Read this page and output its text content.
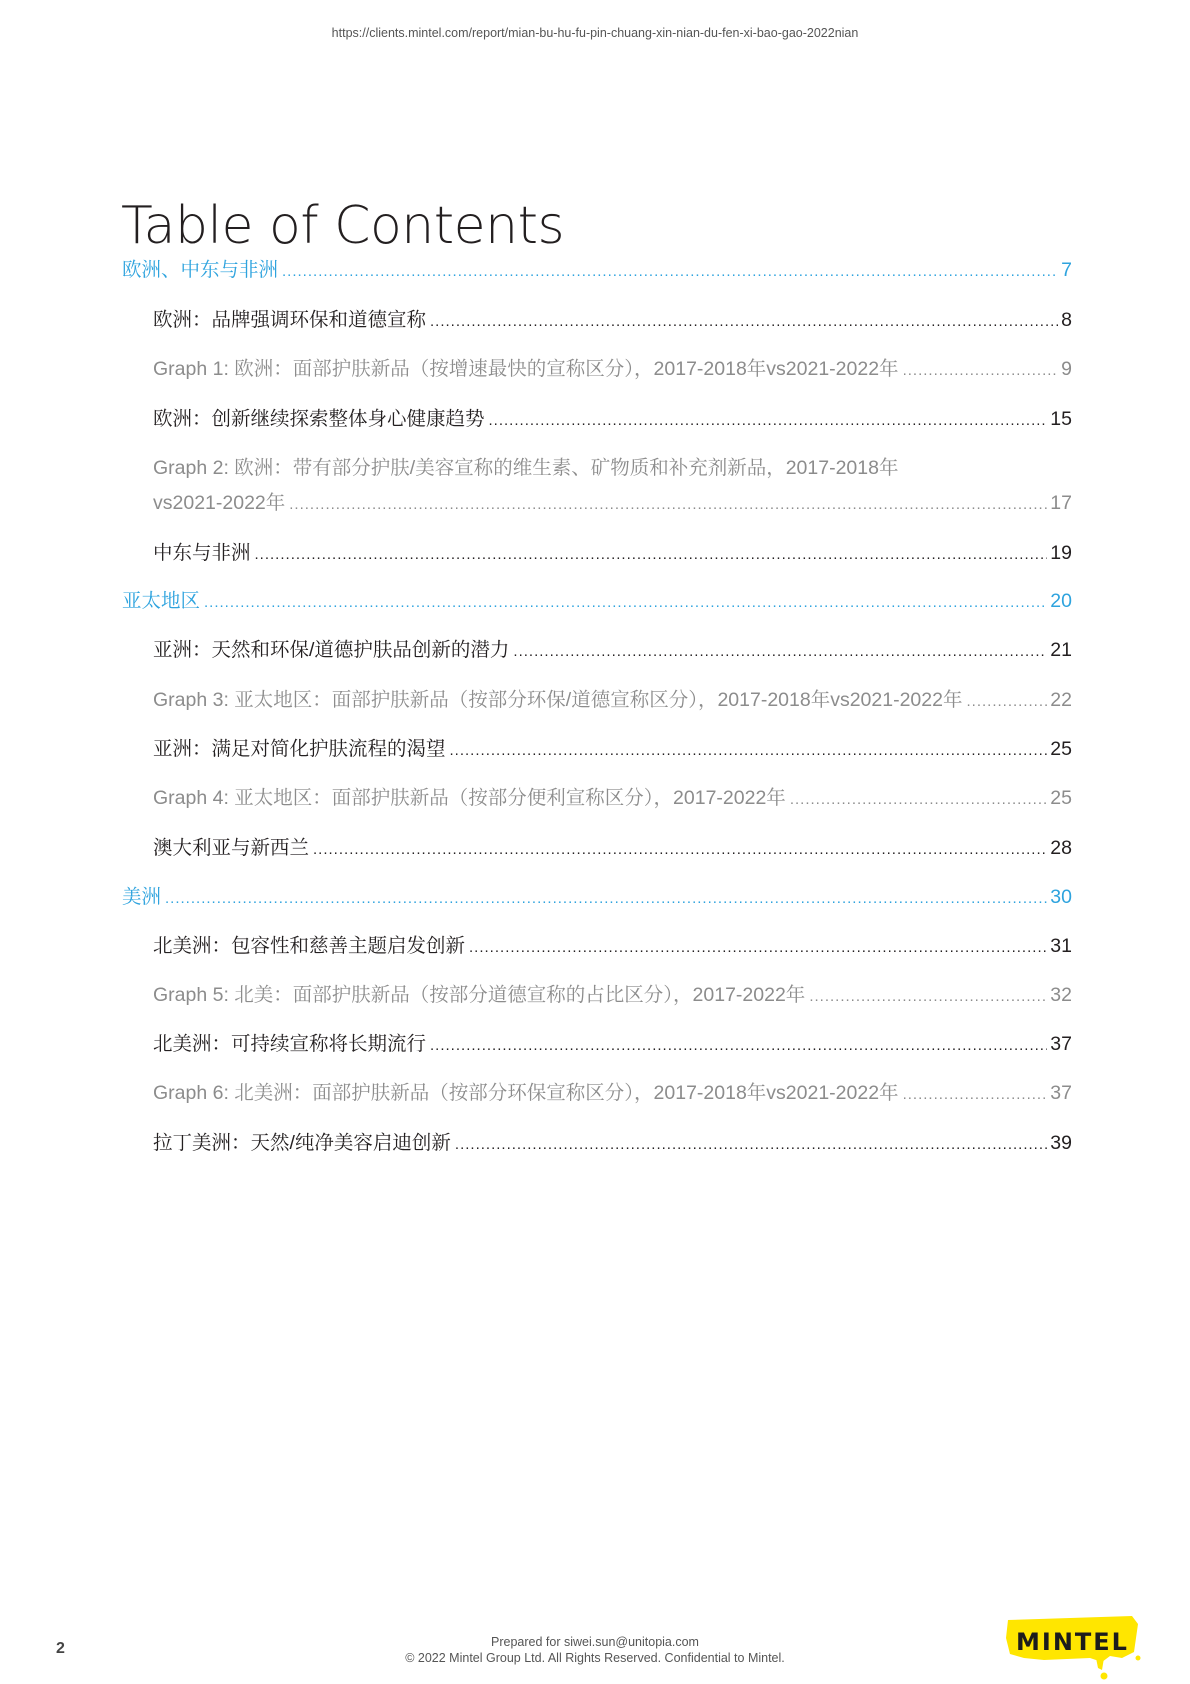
https://clients.mintel.com/report/mian-bu-hu-fu-pin-chuang-xin-nian-du-fen-xi-bao-gao-2022nian
Table of Contents
欧洲、中东与非洲 .....	7
欧洲：品牌强调环保和道德宣称 .....	8
Graph 1: 欧洲：面部护肤新品（按增速最快的宣称区分），2017-2018年vs2021-2022年 .....	9
欧洲：创新继续探索整体身心健康趋势 .....	15
Graph 2: 欧洲：带有部分护肤/美容宣称的维生素、矿物质和补充剂新品，2017-2018年
vs2021-2022年 .....	17
中东与非洲 .....	19
亚太地区 .....	20
亚洲：天然和环保/道德护肤品创新的潜力 .....	21
Graph 3: 亚太地区：面部护肤新品（按部分环保/道德宣称区分），2017-2018年vs2021-2022年 .....	22
亚洲：满足对简化护肤流程的渴望 .....	25
Graph 4: 亚太地区：面部护肤新品（按部分便利宣称区分），2017-2022年 .....	25
澳大利亚与新西兰 .....	28
美洲 .....	30
北美洲：包容性和慈善主题启发创新 .....	31
Graph 5: 北美：面部护肤新品（按部分道德宣称的占比区分），2017-2022年 .....	32
北美洲：可持续宣称将长期流行 .....	37
Graph 6: 北美洲：面部护肤新品（按部分环保宣称区分），2017-2018年vs2021-2022年 .....	37
拉丁美洲：天然/纯净美容启迪创新 .....	39
2	Prepared for siwei.sun@unitopia.com
© 2022 Mintel Group Ltd. All Rights Reserved. Confidential to Mintel.
MINTEL
